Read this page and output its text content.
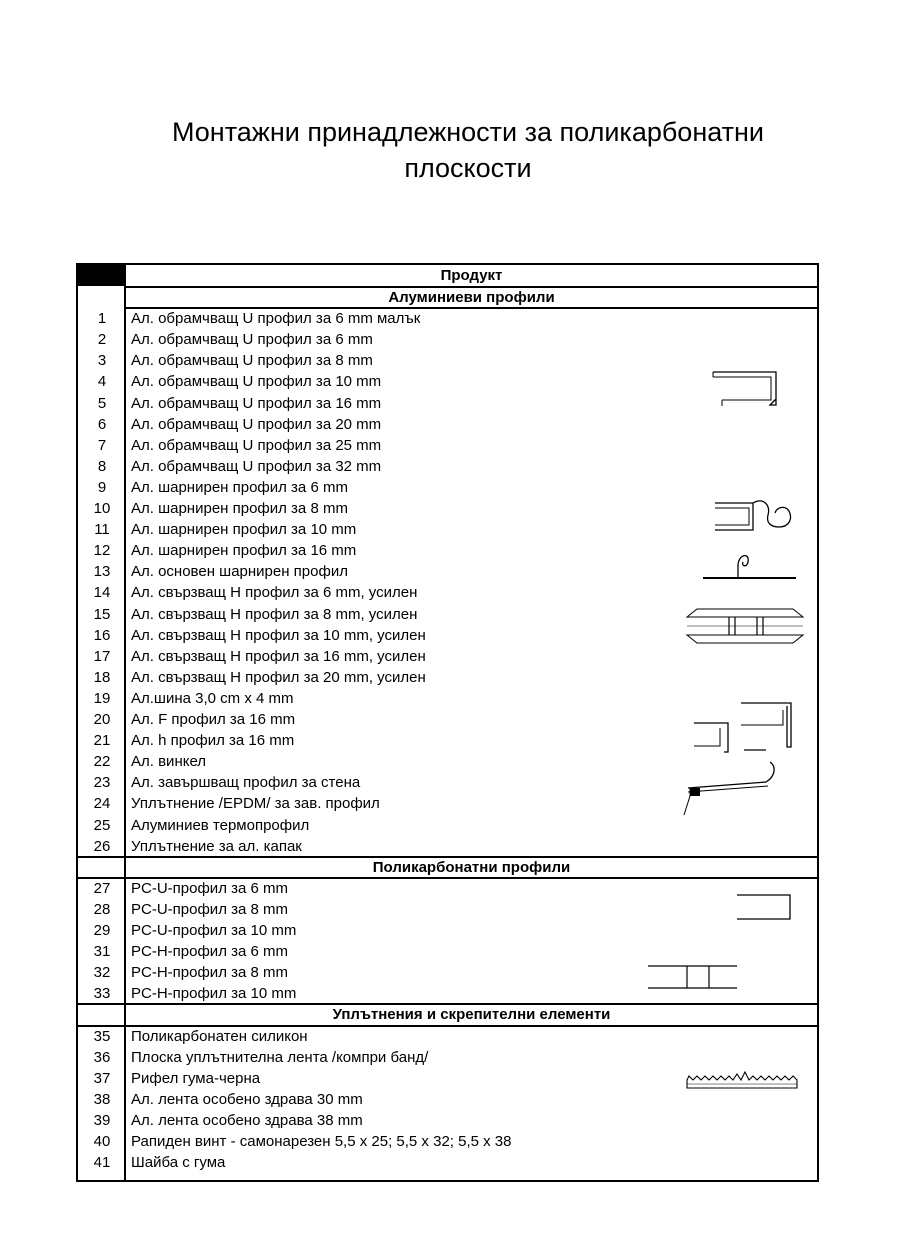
Монтажни принадлежности за поликарбонатни
плоскости
Продукт
Алуминиеви профили
1	Ал. обрамчващ U профил за 6 mm малък
2	Ал. обрамчващ U профил за 6 mm
3	Ал. обрамчващ U профил за 8 mm
4	Ал. обрамчващ U профил за 10 mm
5	Ал. обрамчващ U профил за 16 mm
6	Ал. обрамчващ U профил за 20 mm
7	Ал. обрамчващ U профил за 25 mm
8	Ал. обрамчващ U профил за 32 mm
9	Ал. шарнирен профил за 6 mm
10	Ал. шарнирен профил за 8 mm
11	Ал. шарнирен профил за 10 mm
12	Ал. шарнирен профил за 16 mm
13	Ал. основен шарнирен профил
14	Ал. свързващ H профил за 6 mm, усилен
15	Ал. свързващ H профил за 8 mm, усилен
16	Ал. свързващ H профил за 10 mm, усилен
17	Ал. свързващ H профил за 16 mm, усилен
18	Ал. свързващ H профил за 20 mm, усилен
19	Ал.шина 3,0 cm x 4 mm
20	Ал. F профил за 16 mm
21	Ал. h профил за 16 mm
22	Ал. винкел
23	Ал. завършващ профил за стена
24	Уплътнение /EPDM/ за зав. профил
25	Алуминиев термопрофил
26	Уплътнение за ал. капак
Поликарбонатни профили
27	PC-U-профил за 6 mm
28	PC-U-профил за 8 mm
29	PC-U-профил за 10 mm
31	PC-H-профил за 6 mm
32	PC-H-профил за 8 mm
33	PC-H-профил за 10 mm
Уплътнения и скрепителни елементи
35	Поликарбонатен силикон
36	Плоска уплътнителна лента /компри банд/
37	Рифел гума-черна
38	Ал. лента особено здрава 30 mm
39	Ал. лента особено здрава 38 mm
40	Рапиден винт - самонарезен 5,5 x 25; 5,5 x 32; 5,5 x 38
41	Шайба с гума
